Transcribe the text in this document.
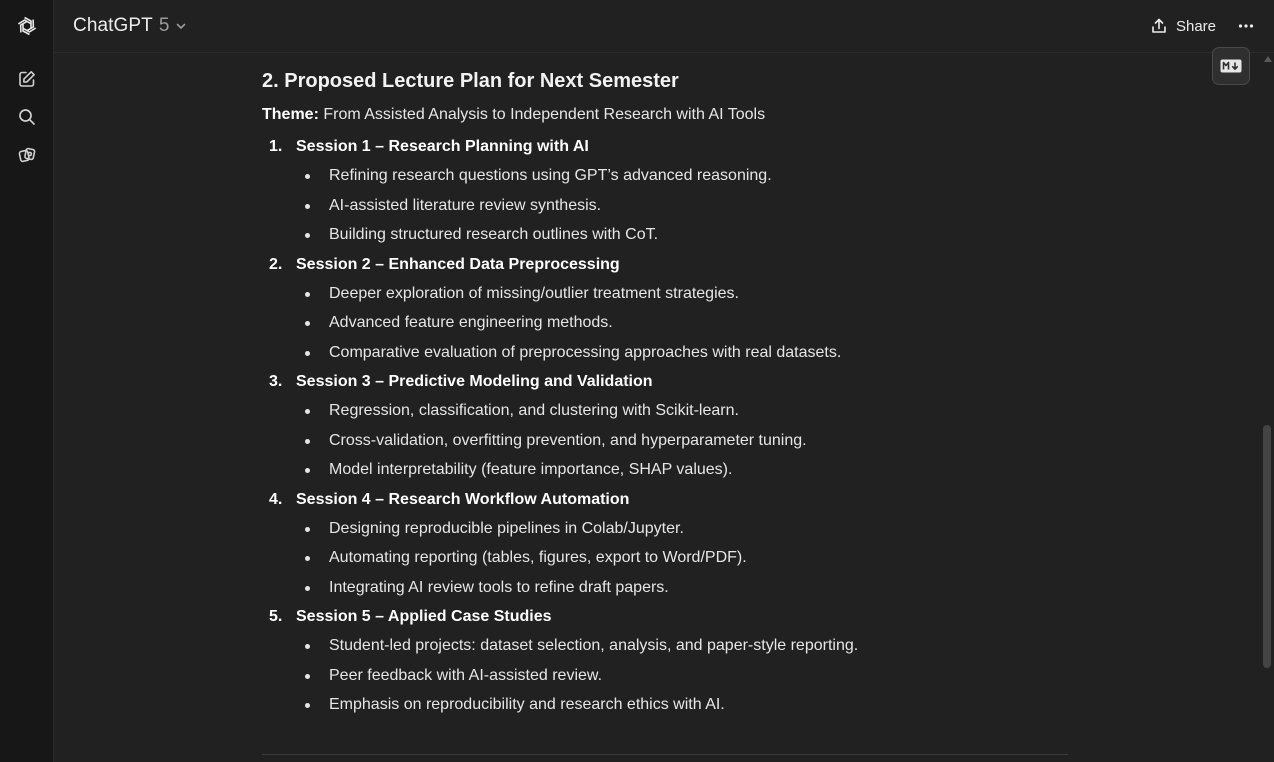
ChatGPT 5	Share
2. Proposed Lecture Plan for Next Semester
Theme: From Assisted Analysis to Independent Research with AI Tools
1. Session 1 – Research Planning with AI
Refining research questions using GPT’s advanced reasoning.
AI-assisted literature review synthesis.
Building structured research outlines with CoT.
2. Session 2 – Enhanced Data Preprocessing
Deeper exploration of missing/outlier treatment strategies.
Advanced feature engineering methods.
Comparative evaluation of preprocessing approaches with real datasets.
3. Session 3 – Predictive Modeling and Validation
Regression, classification, and clustering with Scikit-learn.
Cross-validation, overfitting prevention, and hyperparameter tuning.
Model interpretability (feature importance, SHAP values).
4. Session 4 – Research Workflow Automation
Designing reproducible pipelines in Colab/Jupyter.
Automating reporting (tables, figures, export to Word/PDF).
Integrating AI review tools to refine draft papers.
5. Session 5 – Applied Case Studies
Student-led projects: dataset selection, analysis, and paper-style reporting.
Peer feedback with AI-assisted review.
Emphasis on reproducibility and research ethics with AI.
